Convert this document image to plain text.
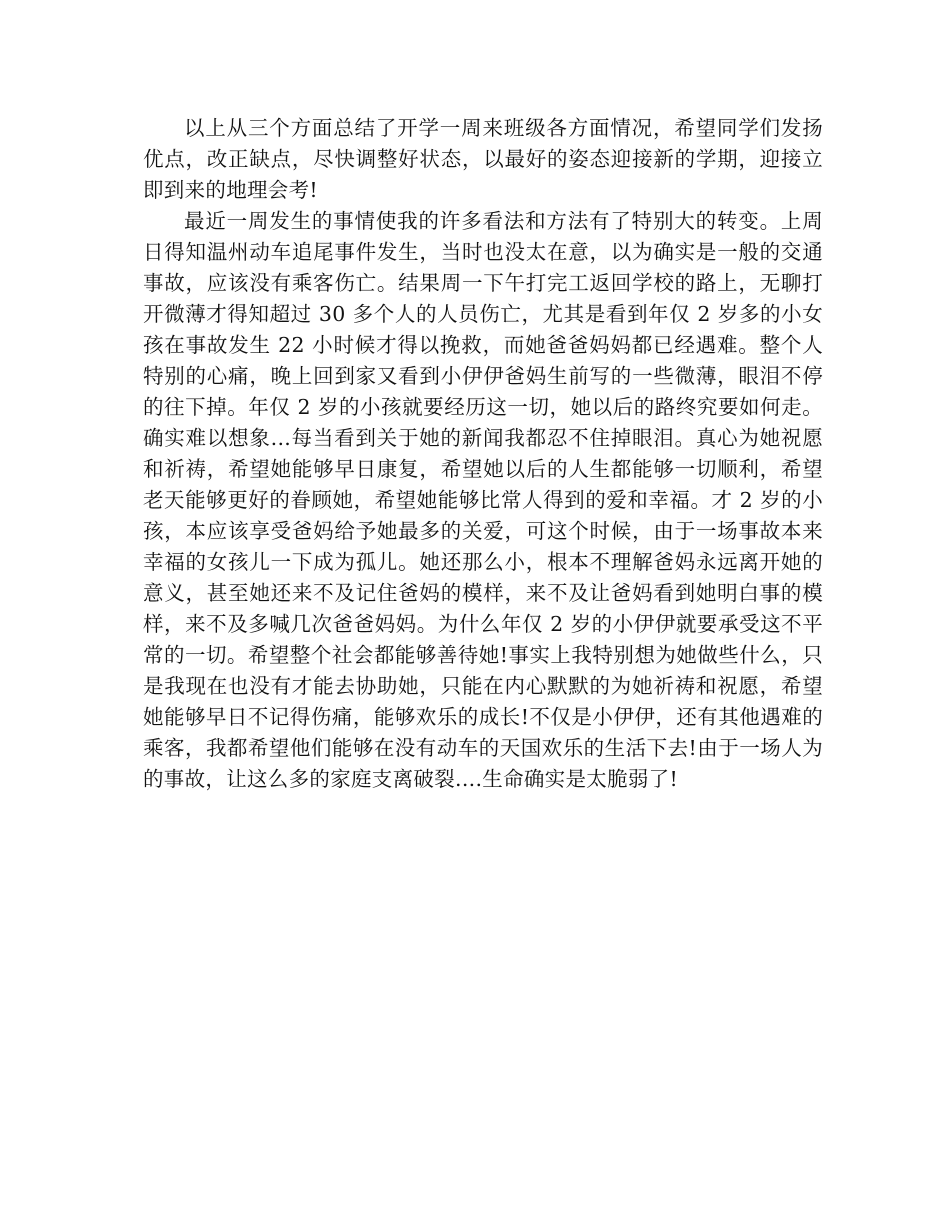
以上从三个方面总结了开学一周来班级各方面情况，希望同学们发扬优点，改正缺点，尽快调整好状态，以最好的姿态迎接新的学期，迎接立即到来的地理会考!

最近一周发生的事情使我的许多看法和方法有了特别大的转变。上周日得知温州动车追尾事件发生，当时也没太在意，以为确实是一般的交通事故，应该没有乘客伤亡。结果周一下午打完工返回学校的路上，无聊打开微薄才得知超过 30 多个人的人员伤亡，尤其是看到年仅 2 岁多的小女孩在事故发生 22 小时候才得以挽救，而她爸爸妈妈都已经遇难。整个人特别的心痛，晚上回到家又看到小伊伊爸妈生前写的一些微薄，眼泪不停的往下掉。年仅 2 岁的小孩就要经历这一切，她以后的路终究要如何走。确实难以想象...每当看到关于她的新闻我都忍不住掉眼泪。真心为她祝愿和祈祷，希望她能够早日康复，希望她以后的人生都能够一切顺利，希望老天能够更好的眷顾她，希望她能够比常人得到的爱和幸福。才 2 岁的小孩，本应该享受爸妈给予她最多的关爱，可这个时候，由于一场事故本来幸福的女孩儿一下成为孤儿。她还那么小，根本不理解爸妈永远离开她的意义，甚至她还来不及记住爸妈的模样，来不及让爸妈看到她明白事的模样，来不及多喊几次爸爸妈妈。为什么年仅 2 岁的小伊伊就要承受这不平常的一切。希望整个社会都能够善待她!事实上我特别想为她做些什么，只是我现在也没有才能去协助她，只能在内心默默的为她祈祷和祝愿，希望她能够早日不记得伤痛，能够欢乐的成长!不仅是小伊伊，还有其他遇难的乘客，我都希望他们能够在没有动车的天国欢乐的生活下去!由于一场人为的事故，让这么多的家庭支离破裂....生命确实是太脆弱了!
